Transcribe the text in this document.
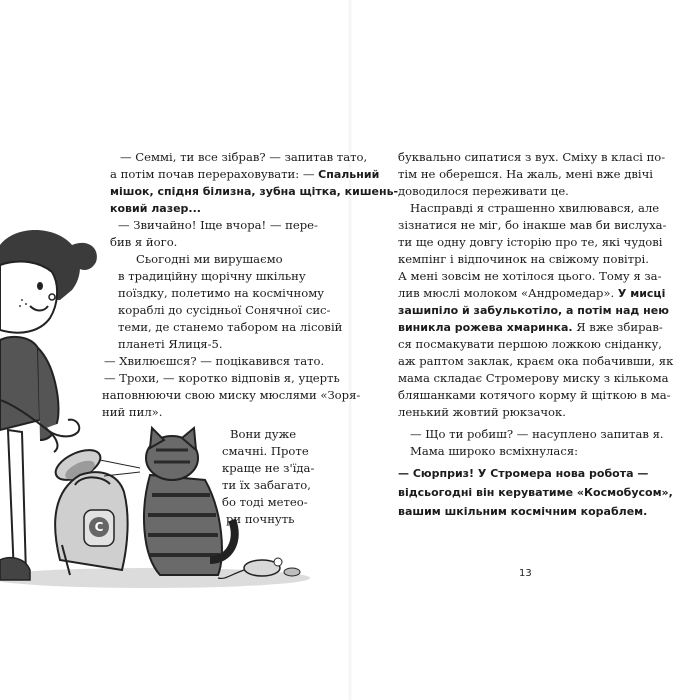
C
— Семмі, ти все зібрав? — запитав тато,
а потім почав перераховувати: — Спальний
мішок, спідня білизна, зубна щітка, кишень-
ковий лазер...
— Звичайно! Іще вчора! — пере-
бив я його.
Сьогодні ми вирушаємо
в традиційну щорічну шкільну
поїздку, полетимо на космічному
кораблі до сусідньої Сонячної сис-
теми, де станемо табором на лісовій
планеті Ялиця-5.
— Хвилюєшся? — поцікавився тато.
— Трохи, — коротко відповів я, уцерть
наповнюючи свою миску мюслями «Зоря-
ний пил».
Вони дуже
смачні. Проте
краще не з'їда-
ти їх забагато,
бо тоді метео-
ри почнуть
буквально сипатися з вух. Сміху в класі по-
тім не оберешся. На жаль, мені вже двічі
доводилося переживати це.
Насправді я страшенно хвилювався, але
зізнатися не міг, бо інакше мав би вислуха-
ти ще одну довгу історію про те, які чудові
кемпінг і відпочинок на свіжому повітрі.
А мені зовсім не хотілося цього. Тому я за-
лив мюслі молоком «Андромедар». У мисці
зашипіло й забулькотіло, а потім над нею
виникла рожева хмаринка. Я вже збирав-
ся посмакувати першою ложкою сніданку,
аж раптом заклак, краєм ока побачивши, як
мама складає Стромерову миску з кількома
бляшанками котячого корму й щіткою в ма-
ленький жовтий рюкзачок.
— Що ти робиш? — насуплено запитав я.
Мама широко всміхнулася:
— Сюрприз! У Стромера нова робота —
відсьогодні він керуватиме «Космобусом»,
вашим шкільним космічним кораблем.
13
